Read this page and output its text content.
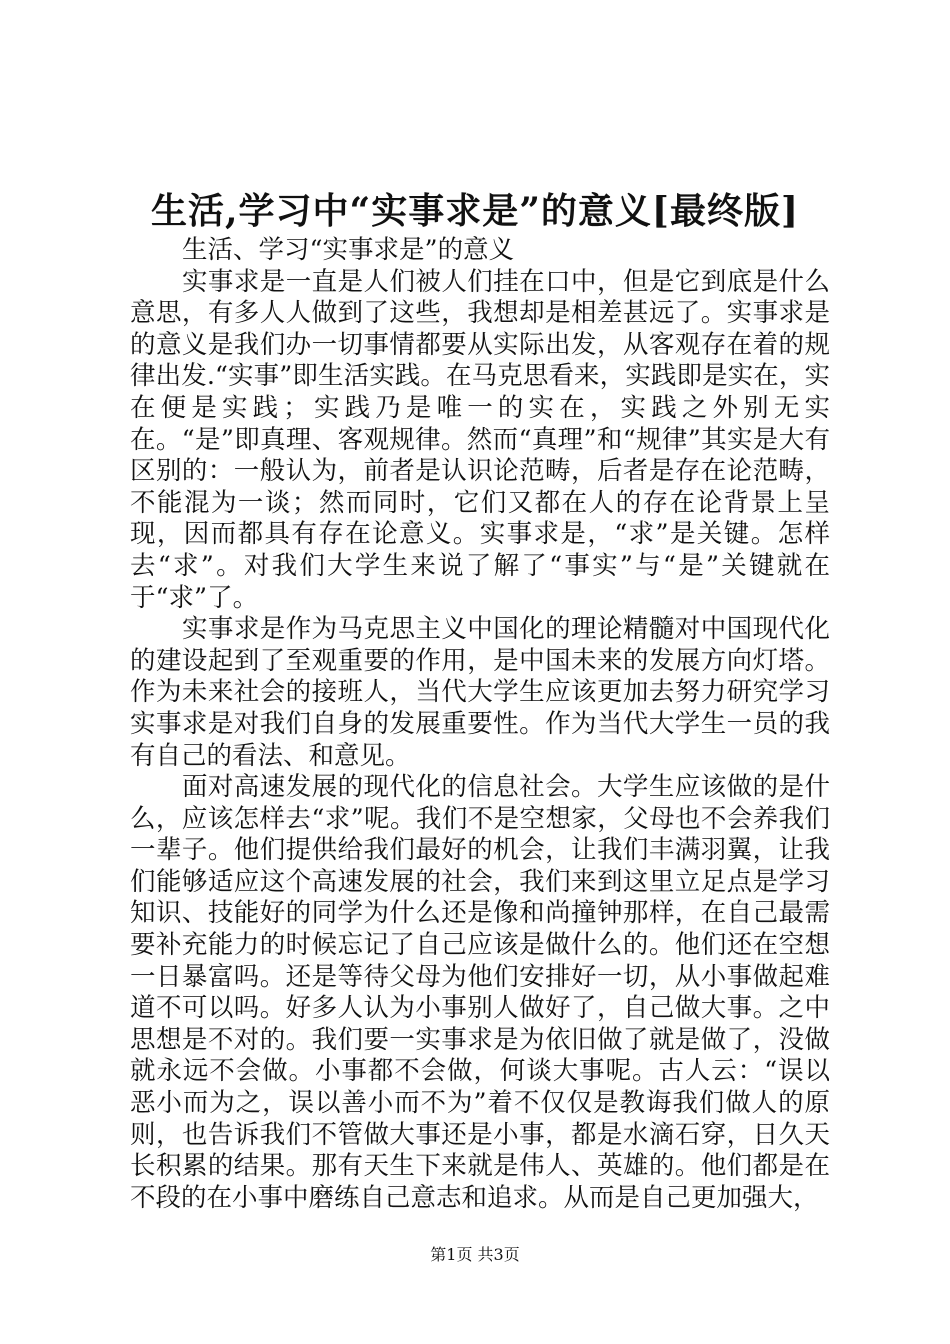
生活,学习中“实事求是”的意义[最终版]

生活、学习“实事求是”的意义

实事求是一直是人们被人们挂在口中，但是它到底是什么意思，有多人人做到了这些，我想却是相差甚远了。实事求是的意义是我们办一切事情都要从实际出发，从客观存在着的规律出发.“实事”即生活实践。在马克思看来，实践即是实在，实在便是实践；实践乃是唯一的实在，实践之外别无实在。“是”即真理、客观规律。然而“真理”和“规律”其实是大有区别的：一般认为，前者是认识论范畴，后者是存在论范畴，不能混为一谈；然而同时，它们又都在人的存在论背景上呈现，因而都具有存在论意义。实事求是，“求”是关键。怎样去“求”。对我们大学生来说了解了“事实”与“是”关键就在于“求”了。

实事求是作为马克思主义中国化的理论精髓对中国现代化的建设起到了至观重要的作用，是中国未来的发展方向灯塔。作为未来社会的接班人，当代大学生应该更加去努力研究学习实事求是对我们自身的发展重要性。作为当代大学生一员的我有自己的看法、和意见。

面对高速发展的现代化的信息社会。大学生应该做的是什么，应该怎样去“求”呢。我们不是空想家，父母也不会养我们一辈子。他们提供给我们最好的机会，让我们丰满羽翼，让我们能够适应这个高速发展的社会，我们来到这里立足点是学习知识、技能好的同学为什么还是像和尚撞钟那样，在自己最需要补充能力的时候忘记了自己应该是做什么的。他们还在空想一日暴富吗。还是等待父母为他们安排好一切，从小事做起难道不可以吗。好多人认为小事别人做好了，自己做大事。之中思想是不对的。我们要一实事求是为依旧做了就是做了，没做就永远不会做。小事都不会做，何谈大事呢。古人云：“误以恶小而为之，误以善小而不为”着不仅仅是教诲我们做人的原则，也告诉我们不管做大事还是小事，都是水滴石穿，日久天长积累的结果。那有天生下来就是伟人、英雄的。他们都是在不段的在小事中磨练自己意志和追求。从而是自己更加强大，

第1页 共3页
